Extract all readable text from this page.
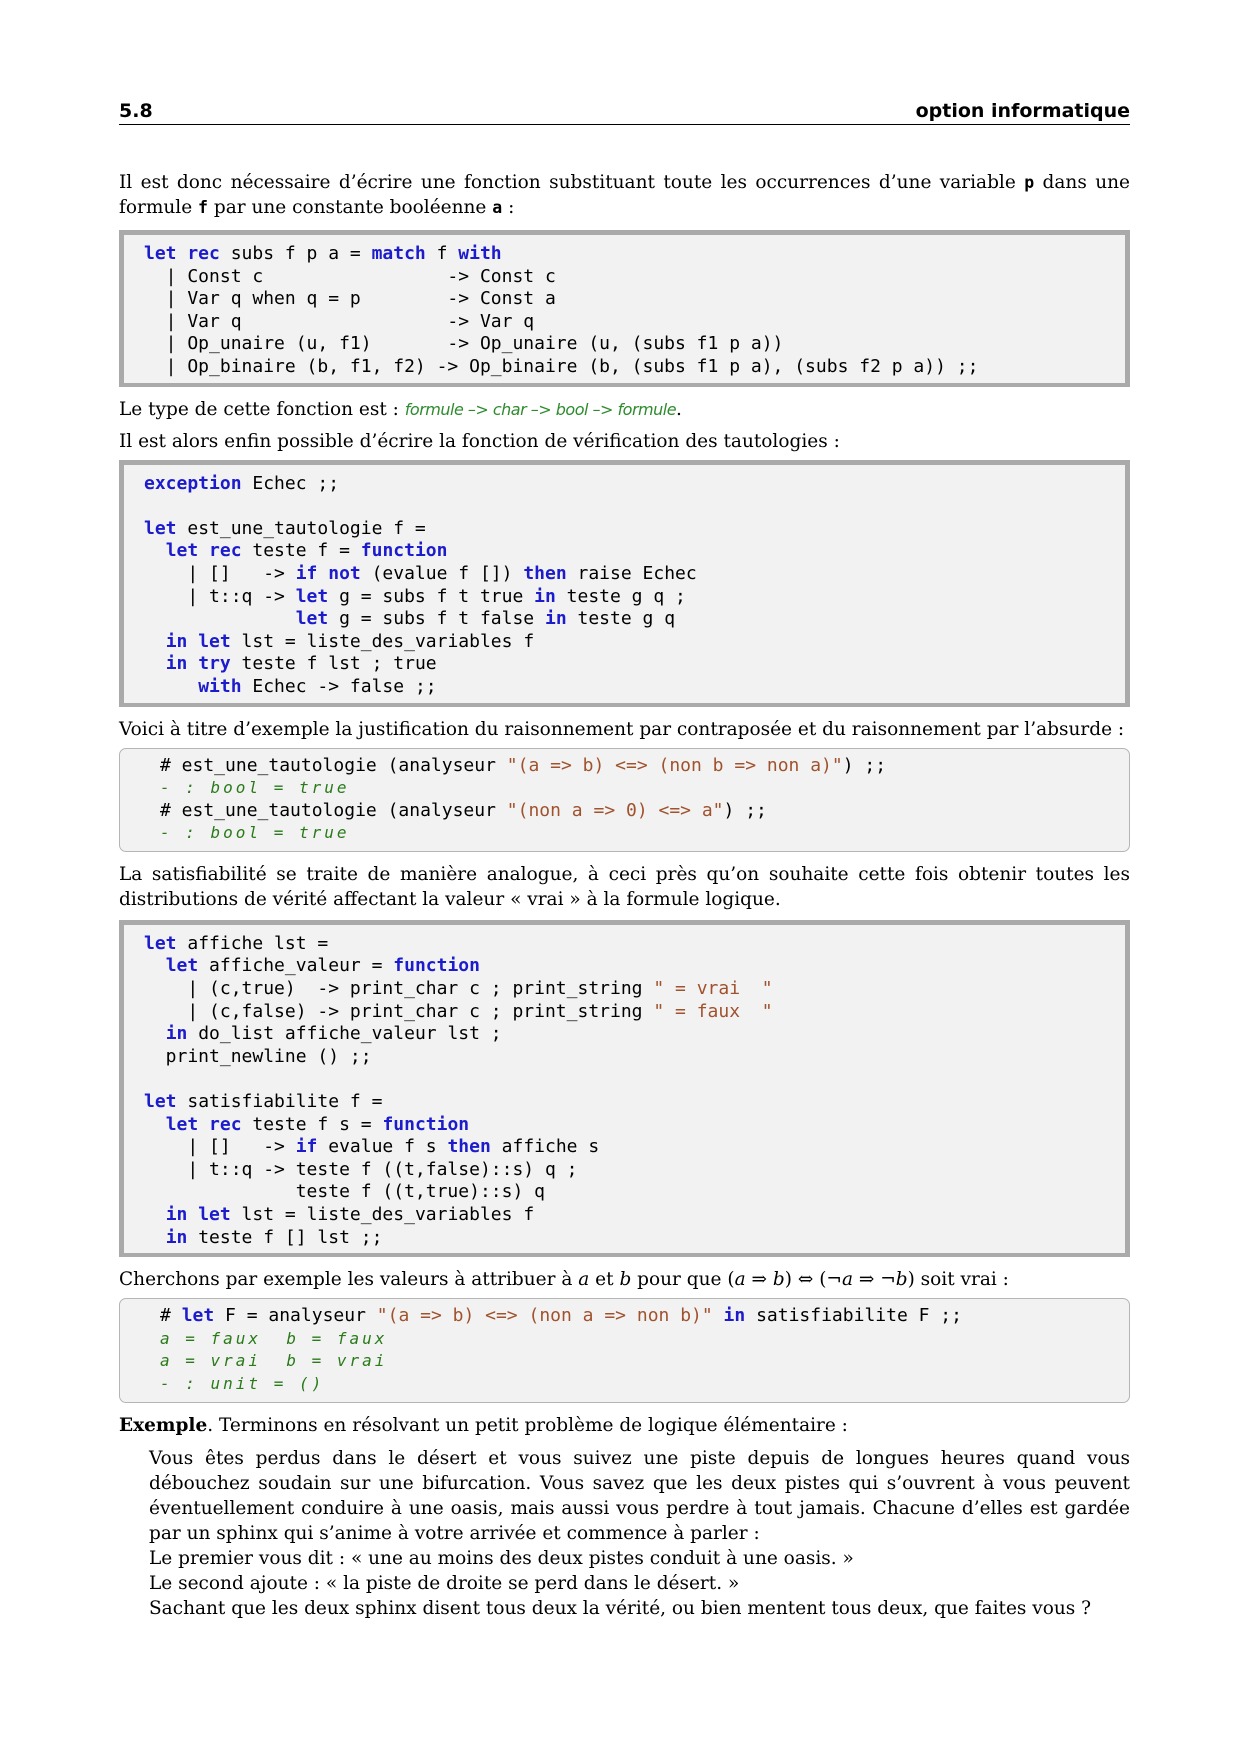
5.8	option informatique

Il est donc nécessaire d’écrire une fonction substituant toute les occurrences d’une variable p dans une formule f par une constante booléenne a :

let rec subs f p a = match f with
| Const c                 -> Const c
| Var q when q = p        -> Const a
| Var q                   -> Var q
| Op_unaire (u, f1)       -> Op_unaire (u, (subs f1 p a))
| Op_binaire (b, f1, f2) -> Op_binaire (b, (subs f1 p a), (subs f2 p a)) ;;

Le type de cette fonction est : formule –> char –> bool –> formule.

Il est alors enfin possible d’écrire la fonction de vérification des tautologies :

exception Echec ;;
let est_une_tautologie f =
let rec teste f = function
| []   -> if not (evalue f []) then raise Echec
| t::q -> let g = subs f t true in teste g q ;
let g = subs f t false in teste g q
in let lst = liste_des_variables f
in try teste f lst ; true
with Echec -> false ;;

Voici à titre d’exemple la justification du raisonnement par contraposée et du raisonnement par l’absurde :

# est_une_tautologie (analyseur "(a => b) <=> (non b => non a)") ;;
- : bool = true
# est_une_tautologie (analyseur "(non a => 0) <=> a") ;;
- : bool = true

La satisfiabilité se traite de manière analogue, à ceci près qu’on souhaite cette fois obtenir toutes les distributions de vérité affectant la valeur « vrai » à la formule logique.

let affiche lst =
let affiche_valeur = function
| (c,true)  -> print_char c ; print_string " = vrai  "
| (c,false) -> print_char c ; print_string " = faux  "
in do_list affiche_valeur lst ;
print_newline () ;;
let satisfiabilite f =
let rec teste f s = function
| []   -> if evalue f s then affiche s
| t::q -> teste f ((t,false)::s) q ;
teste f ((t,true)::s) q
in let lst = liste_des_variables f
in teste f [] lst ;;

Cherchons par exemple les valeurs à attribuer à a et b pour que (a ⇒ b) ⇔ (¬a ⇒ ¬b) soit vrai :

# let F = analyseur "(a => b) <=> (non a => non b)" in satisfiabilite F ;;
a = faux  b = faux
a = vrai  b = vrai
- : unit = ()

Exemple. Terminons en résolvant un petit problème de logique élémentaire :

Vous êtes perdus dans le désert et vous suivez une piste depuis de longues heures quand vous débouchez soudain sur une bifurcation. Vous savez que les deux pistes qui s’ouvrent à vous peuvent éventuellement conduire à une oasis, mais aussi vous perdre à tout jamais. Chacune d’elles est gardée par un sphinx qui s’anime à votre arrivée et commence à parler :

Le premier vous dit : « une au moins des deux pistes conduit à une oasis. »

Le second ajoute : « la piste de droite se perd dans le désert. »

Sachant que les deux sphinx disent tous deux la vérité, ou bien mentent tous deux, que faites vous ?
